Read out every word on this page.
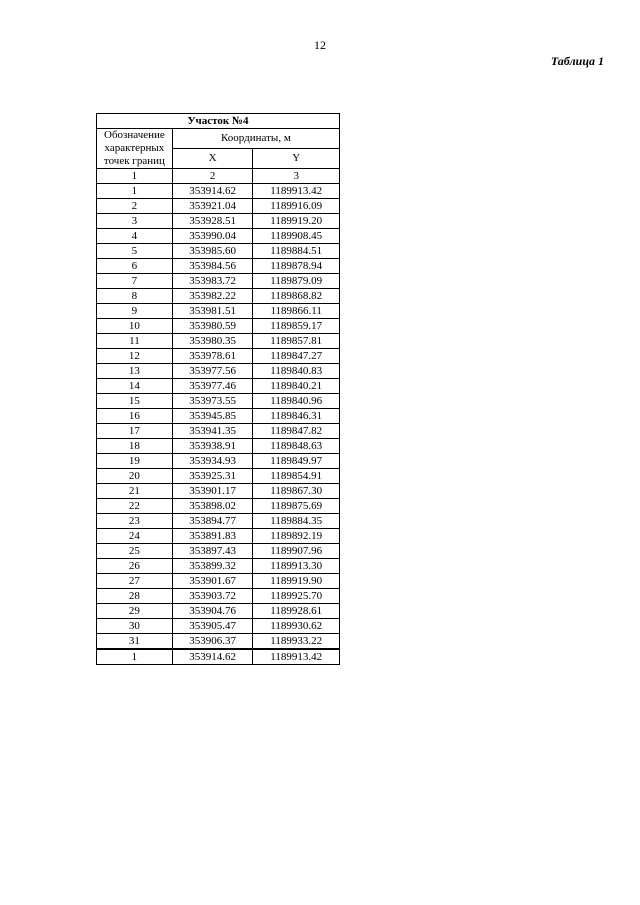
12
Таблица 1
Участок №4		
Обозначение характерных точек границ	Координаты, м	
	X	Y
1	2	3
1	353914.62	1189913.42
2	353921.04	1189916.09
3	353928.51	1189919.20
4	353990.04	1189908.45
5	353985.60	1189884.51
6	353984.56	1189878.94
7	353983.72	1189879.09
8	353982.22	1189868.82
9	353981.51	1189866.11
10	353980.59	1189859.17
11	353980.35	1189857.81
12	353978.61	1189847.27
13	353977.56	1189840.83
14	353977.46	1189840.21
15	353973.55	1189840.96
16	353945.85	1189846.31
17	353941.35	1189847.82
18	353938.91	1189848.63
19	353934.93	1189849.97
20	353925.31	1189854.91
21	353901.17	1189867.30
22	353898.02	1189875.69
23	353894.77	1189884.35
24	353891.83	1189892.19
25	353897.43	1189907.96
26	353899.32	1189913.30
27	353901.67	1189919.90
28	353903.72	1189925.70
29	353904.76	1189928.61
30	353905.47	1189930.62
31	353906.37	1189933.22
1	353914.62	1189913.42
